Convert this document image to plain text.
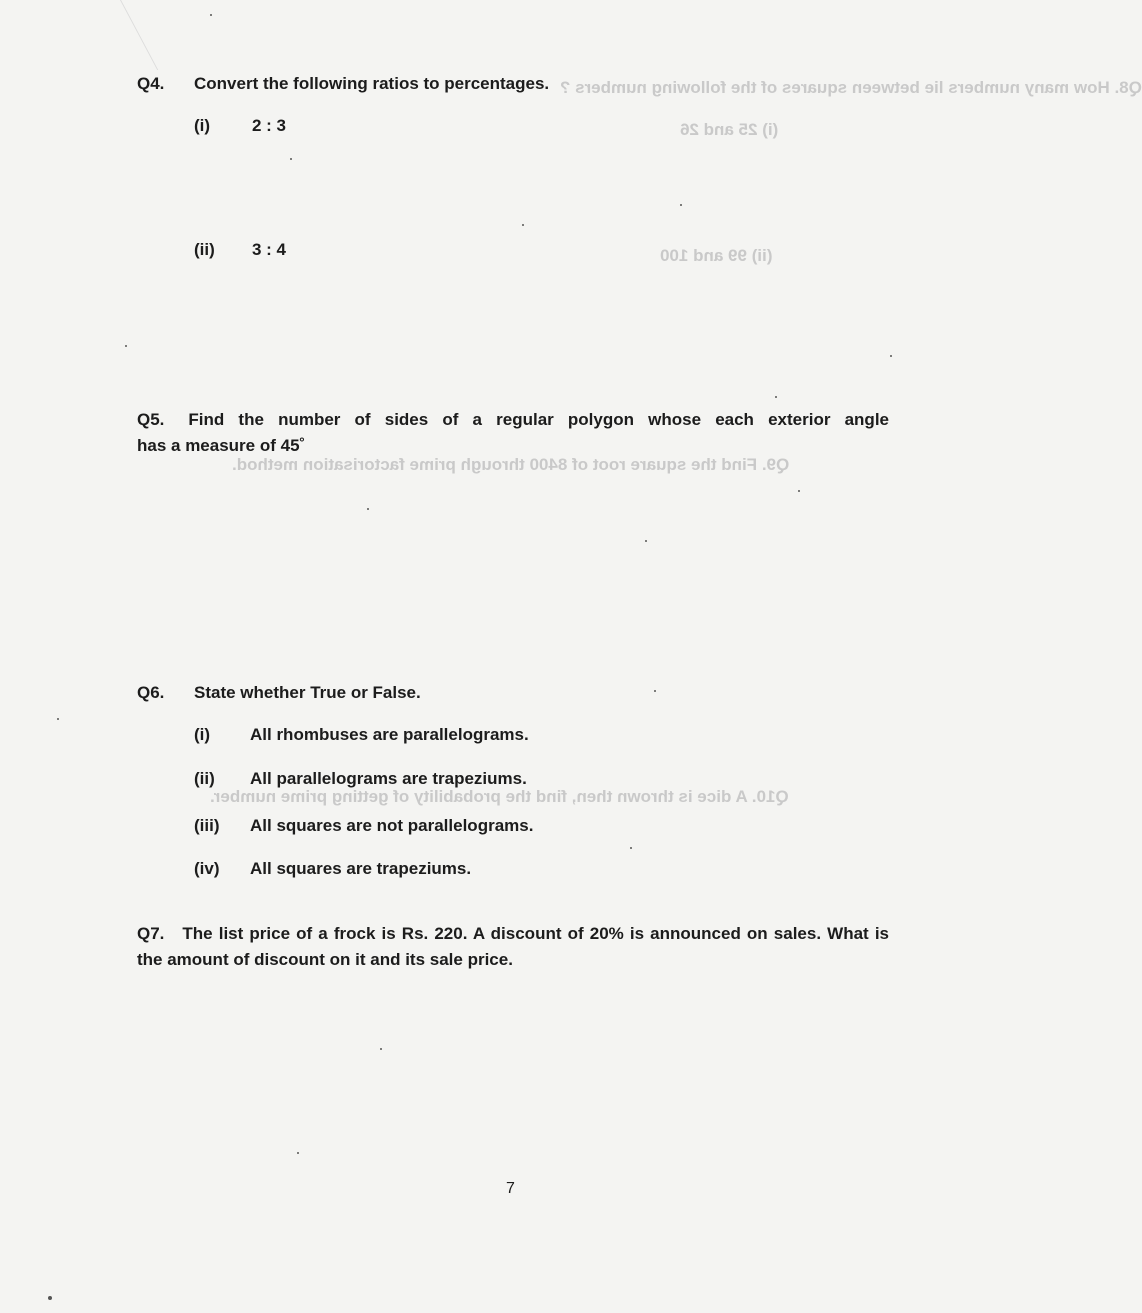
Q8. How many numbers lie between squares of the following numbers ?
(i) 25 and 26
(ii) 99 and 100
Q9. Find the square root of 8400 through prime factorisation method.
Q10. A dice is thrown then, find the probability of getting prime number.
Q4. Convert the following ratios to percentages.
(i) 2 : 3
(ii) 3 : 4
Q5. Find the number of sides of a regular polygon whose each exterior angle
has a measure of 45˚
Q6. State whether True or False.
(i) All rhombuses are parallelograms.
(ii) All parallelograms are trapeziums.
(iii) All squares are not parallelograms.
(iv) All squares are trapeziums.
Q7. The list price of a frock is Rs. 220. A discount of 20% is announced on sales. What is the amount of discount on it and its sale price.
7
